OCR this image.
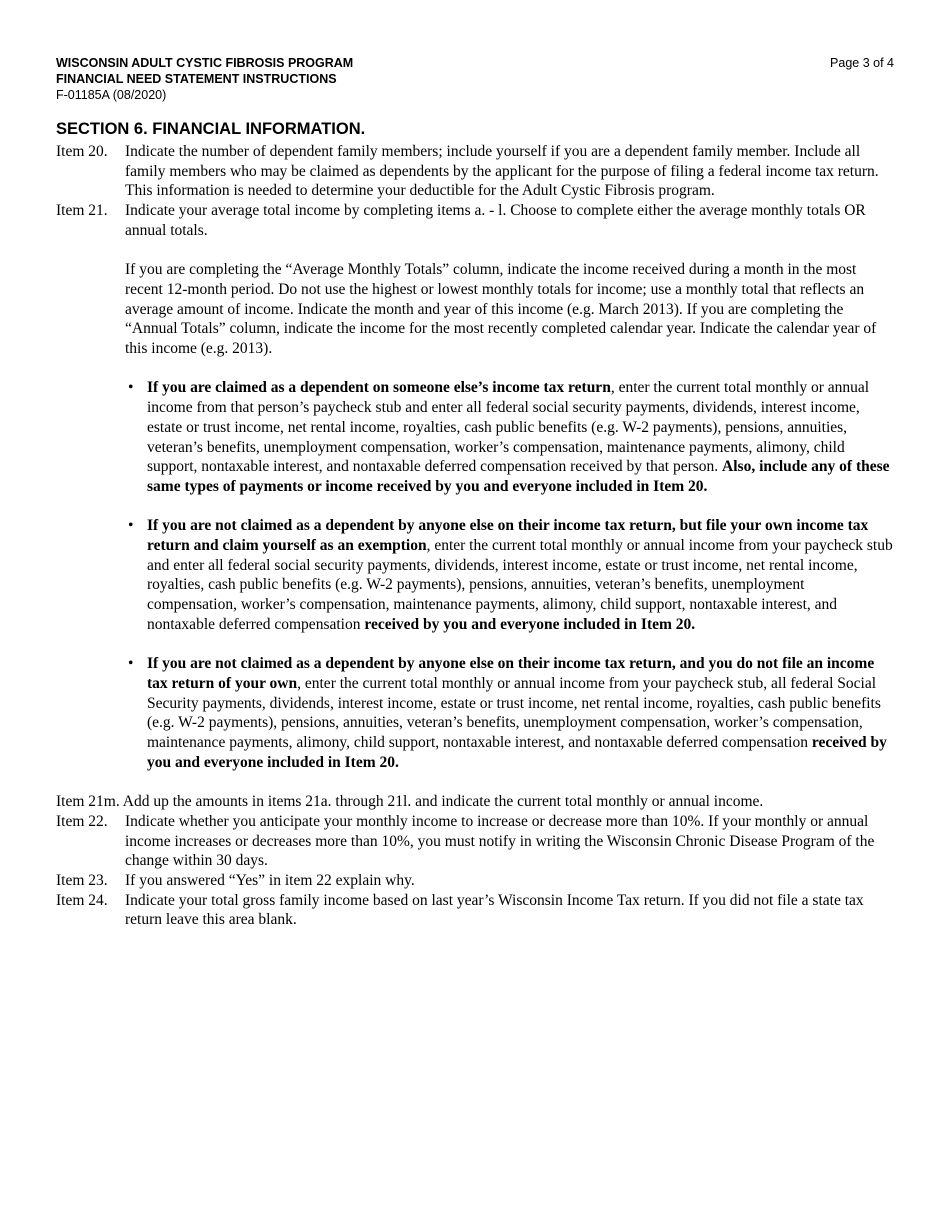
WISCONSIN ADULT CYSTIC FIBROSIS PROGRAM
FINANCIAL NEED STATEMENT INSTRUCTIONS
F-01185A (08/2020)
Page 3 of 4
SECTION 6. FINANCIAL INFORMATION.
Item 20. Indicate the number of dependent family members; include yourself if you are a dependent family member. Include all family members who may be claimed as dependents by the applicant for the purpose of filing a federal income tax return. This information is needed to determine your deductible for the Adult Cystic Fibrosis program.

Item 21. Indicate your average total income by completing items a. - l. Choose to complete either the average monthly totals OR annual totals.

If you are completing the “Average Monthly Totals” column, indicate the income received during a month in the most recent 12-month period. Do not use the highest or lowest monthly totals for income; use a monthly total that reflects an average amount of income. Indicate the month and year of this income (e.g. March 2013). If you are completing the “Annual Totals” column, indicate the income for the most recently completed calendar year. Indicate the calendar year of this income (e.g. 2013).

• If you are claimed as a dependent on someone else’s income tax return, enter the current total monthly or annual income from that person’s paycheck stub and enter all federal social security payments, dividends, interest income, estate or trust income, net rental income, royalties, cash public benefits (e.g. W-2 payments), pensions, annuities, veteran’s benefits, unemployment compensation, worker’s compensation, maintenance payments, alimony, child support, nontaxable interest, and nontaxable deferred compensation received by that person. Also, include any of these same types of payments or income received by you and everyone included in Item 20.
• If you are not claimed as a dependent by anyone else on their income tax return, but file your own income tax return and claim yourself as an exemption, enter the current total monthly or annual income from your paycheck stub and enter all federal social security payments, dividends, interest income, estate or trust income, net rental income, royalties, cash public benefits (e.g. W-2 payments), pensions, annuities, veteran’s benefits, unemployment compensation, worker’s compensation, maintenance payments, alimony, child support, nontaxable interest, and nontaxable deferred compensation received by you and everyone included in Item 20.
• If you are not claimed as a dependent by anyone else on their income tax return, and you do not file an income tax return of your own, enter the current total monthly or annual income from your paycheck stub, all federal Social Security payments, dividends, interest income, estate or trust income, net rental income, royalties, cash public benefits (e.g. W-2 payments), pensions, annuities, veteran’s benefits, unemployment compensation, worker’s compensation, maintenance payments, alimony, child support, nontaxable interest, and nontaxable deferred compensation received by you and everyone included in Item 20.
Item 21m. Add up the amounts in items 21a. through 21l. and indicate the current total monthly or annual income.
Item 22. Indicate whether you anticipate your monthly income to increase or decrease more than 10%. If your monthly or annual income increases or decreases more than 10%, you must notify in writing the Wisconsin Chronic Disease Program of the change within 30 days.

Item 23. If you answered “Yes” in item 22 explain why.

Item 24. Indicate your total gross family income based on last year’s Wisconsin Income Tax return. If you did not file a state tax return leave this area blank.
